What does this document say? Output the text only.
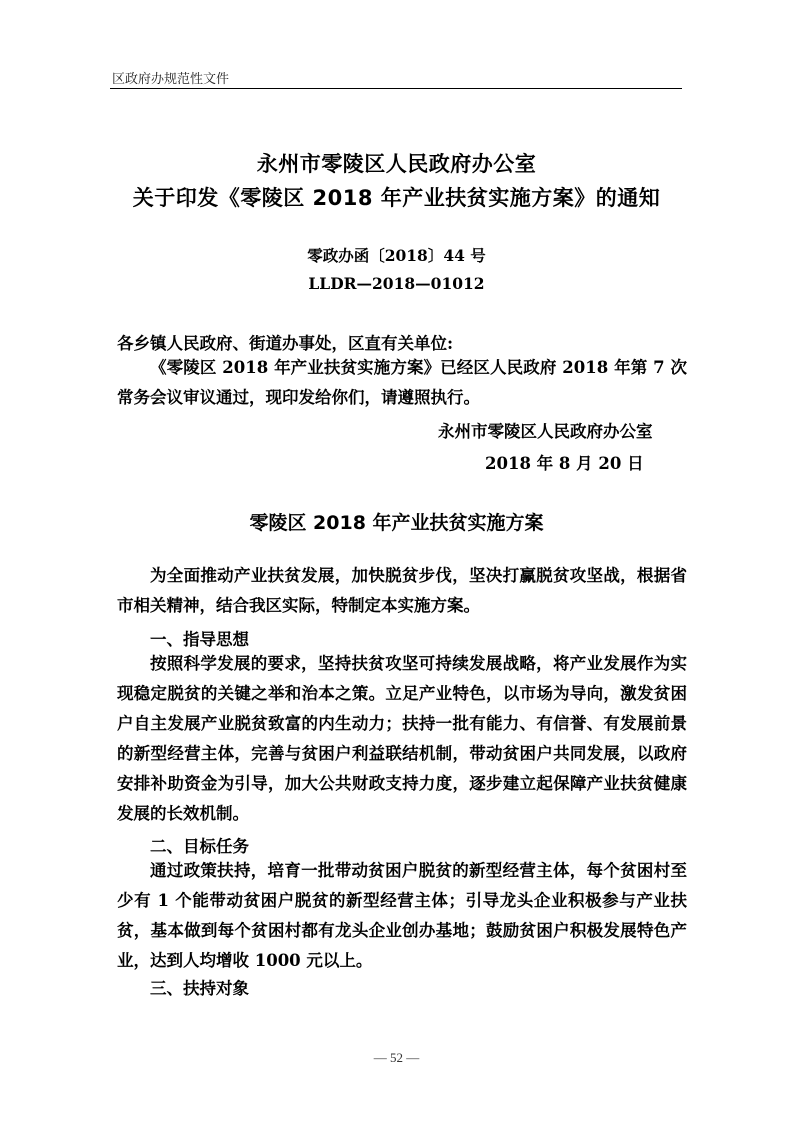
区政府办规范性文件
永州市零陵区人民政府办公室
关于印发《零陵区 2018 年产业扶贫实施方案》的通知
零政办函〔2018〕44 号
LLDR—2018—01012
各乡镇人民政府、街道办事处，区直有关单位:

《零陵区 2018 年产业扶贫实施方案》已经区人民政府 2018 年第 7 次常务会议审议通过，现印发给你们，请遵照执行。

永州市零陵区人民政府办公室
2018 年 8 月 20 日
零陵区 2018 年产业扶贫实施方案

为全面推动产业扶贫发展，加快脱贫步伐，坚决打赢脱贫攻坚战，根据省市相关精神，结合我区实际，特制定本实施方案。

一、指导思想

按照科学发展的要求，坚持扶贫攻坚可持续发展战略，将产业发展作为实现稳定脱贫的关键之举和治本之策。立足产业特色，以市场为导向，激发贫困户自主发展产业脱贫致富的内生动力；扶持一批有能力、有信誉、有发展前景的新型经营主体，完善与贫困户利益联结机制，带动贫困户共同发展，以政府安排补助资金为引导，加大公共财政支持力度，逐步建立起保障产业扶贫健康发展的长效机制。

二、目标任务

通过政策扶持，培育一批带动贫困户脱贫的新型经营主体，每个贫困村至少有 1 个能带动贫困户脱贫的新型经营主体；引导龙头企业积极参与产业扶贫，基本做到每个贫困村都有龙头企业创办基地；鼓励贫困户积极发展特色产业，达到人均增收 1000 元以上。

三、扶持对象
— 52 —
